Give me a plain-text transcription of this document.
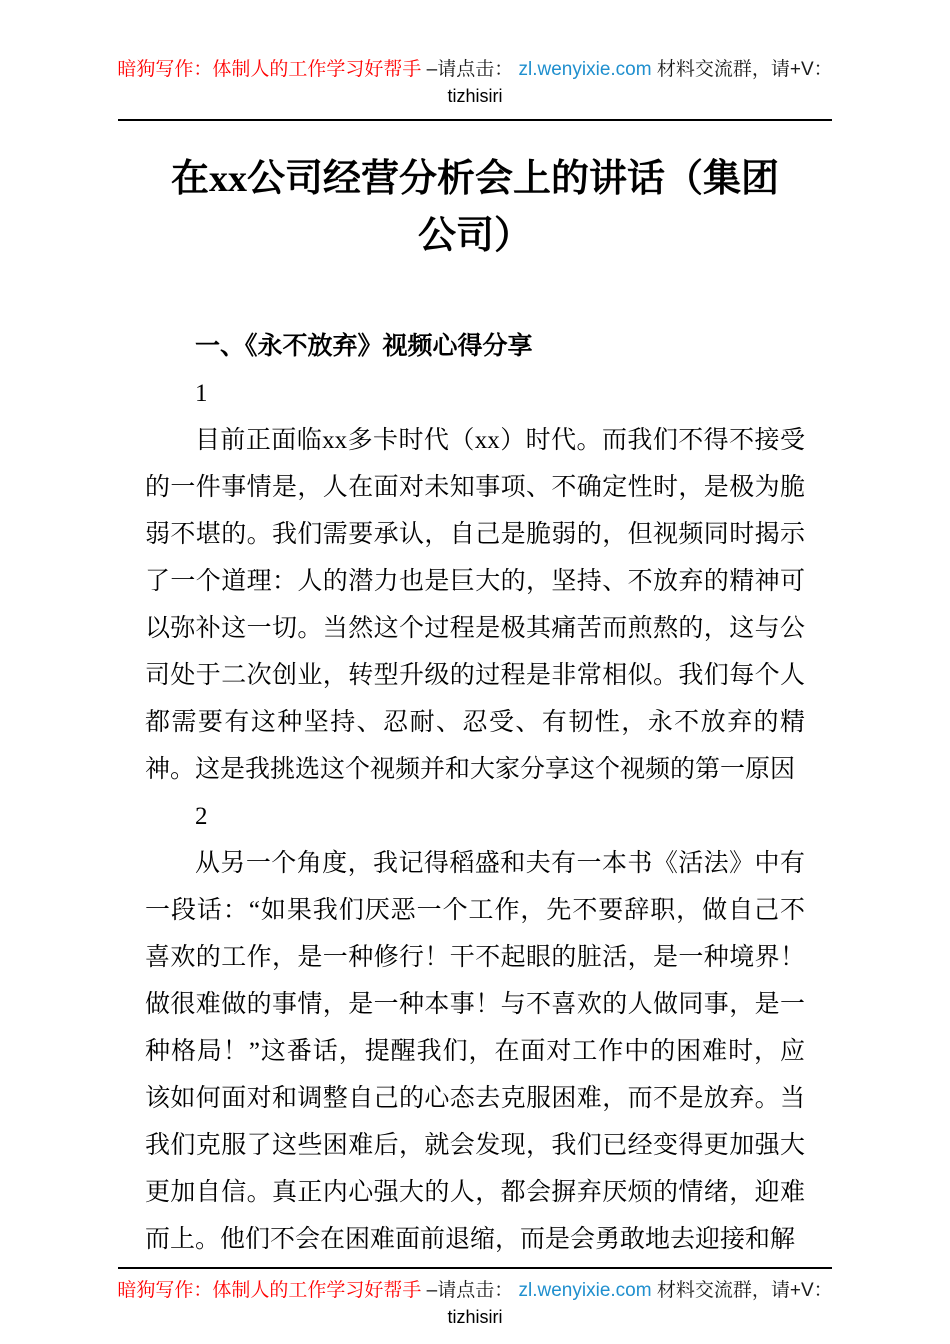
暗狗写作：体制人的工作学习好帮手 –请点击： zl.wenyixie.com 材料交流群，请+V：
tizhisiri
在xx公司经营分析会上的讲话（集团公司）
一、《永不放弃》视频心得分享

1

目前正面临xx多卡时代（xx）时代。而我们不得不接受的一件事情是，人在面对未知事项、不确定性时，是极为脆弱不堪的。我们需要承认，自己是脆弱的，但视频同时揭示了一个道理：人的潜力也是巨大的，坚持、不放弃的精神可以弥补这一切。当然这个过程是极其痛苦而煎熬的，这与公司处于二次创业，转型升级的过程是非常相似。我们每个人都需要有这种坚持、忍耐、忍受、有韧性，永不放弃的精神。这是我挑选这个视频并和大家分享这个视频的第一原因

2

从另一个角度，我记得稻盛和夫有一本书《活法》中有一段话：“如果我们厌恶一个工作，先不要辞职，做自己不喜欢的工作，是一种修行！干不起眼的脏活，是一种境界！做很难做的事情，是一种本事！与不喜欢的人做同事，是一种格局！”这番话，提醒我们，在面对工作中的困难时，应该如何面对和调整自己的心态去克服困难，而不是放弃。当我们克服了这些困难后，就会发现，我们已经变得更加强大更加自信。真正内心强大的人，都会摒弃厌烦的情绪，迎难而上。他们不会在困难面前退缩，而是会勇敢地去迎接和解

暗狗写作：体制人的工作学习好帮手 –请点击： zl.wenyixie.com 材料交流群，请+V：
tizhisiri
